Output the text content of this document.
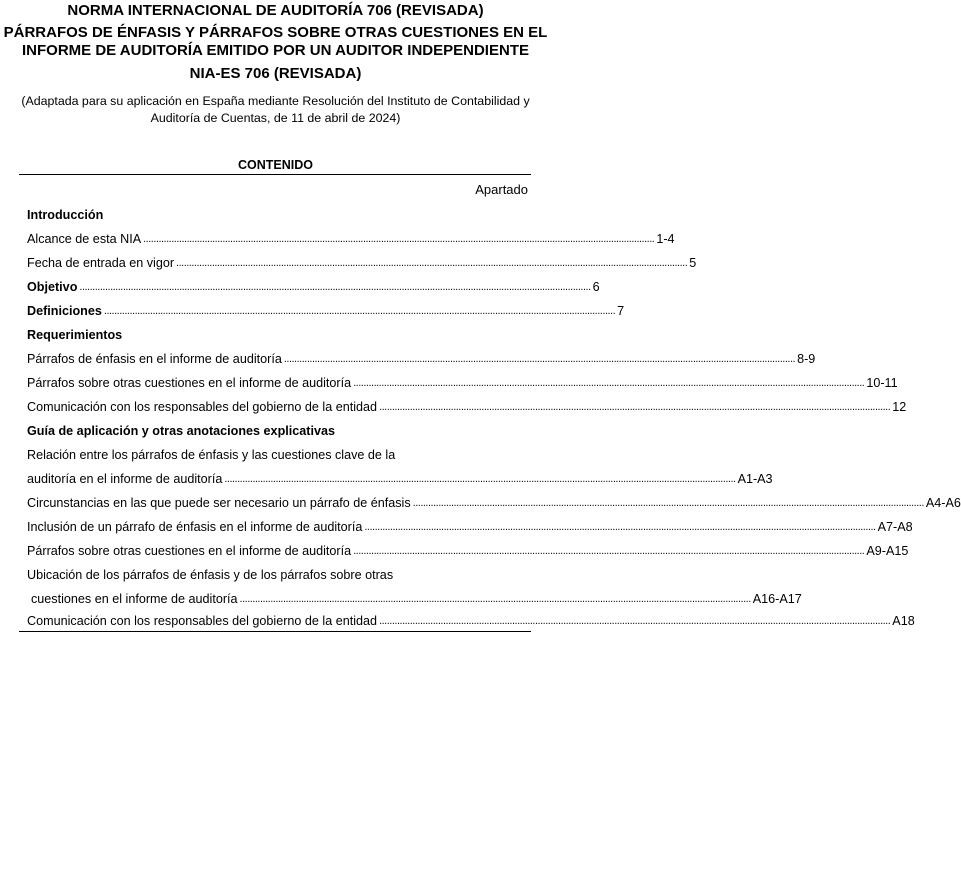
NORMA INTERNACIONAL DE AUDITORÍA 706 (REVISADA)
PÁRRAFOS DE ÉNFASIS Y PÁRRAFOS SOBRE OTRAS CUESTIONES EN EL
INFORME DE AUDITORÍA EMITIDO POR UN AUDITOR INDEPENDIENTE
NIA-ES 706 (REVISADA)
(Adaptada para su aplicación en España mediante Resolución del Instituto de Contabilidad y Auditoría de Cuentas, de 11 de abril de 2024)
CONTENIDO
Apartado
Introducción
Alcance de esta NIA ........................................................................................................................................................................................................ 1-4
Fecha de entrada en vigor ........................................................................................................................................................................................................ 5
Objetivo ........................................................................................................................................................................................................ 6
Definiciones ........................................................................................................................................................................................................ 7
Requerimientos
Párrafos de énfasis en el informe de auditoría ........................................................................................................................................................................................................ 8-9
Párrafos sobre otras cuestiones en el informe de auditoría ........................................................................................................................................................................................................ 10-11
Comunicación con los responsables del gobierno de la entidad ........................................................................................................................................................................................................ 12
Guía de aplicación y otras anotaciones explicativas
Relación entre los párrafos de énfasis y las cuestiones clave de la
auditoría en el informe de auditoría ........................................................................................................................................................................................................ A1-A3
Circunstancias en las que puede ser necesario un párrafo de énfasis ........................................................................................................................................................................................................ A4-A6
Inclusión de un párrafo de énfasis en el informe de auditoría ........................................................................................................................................................................................................ A7-A8
Párrafos sobre otras cuestiones en el informe de auditoría ........................................................................................................................................................................................................ A9-A15
Ubicación de los párrafos de énfasis y de los párrafos sobre otras
cuestiones en el informe de auditoría ........................................................................................................................................................................................................ A16-A17
Comunicación con los responsables del gobierno de la entidad ........................................................................................................................................................................................................ A18
